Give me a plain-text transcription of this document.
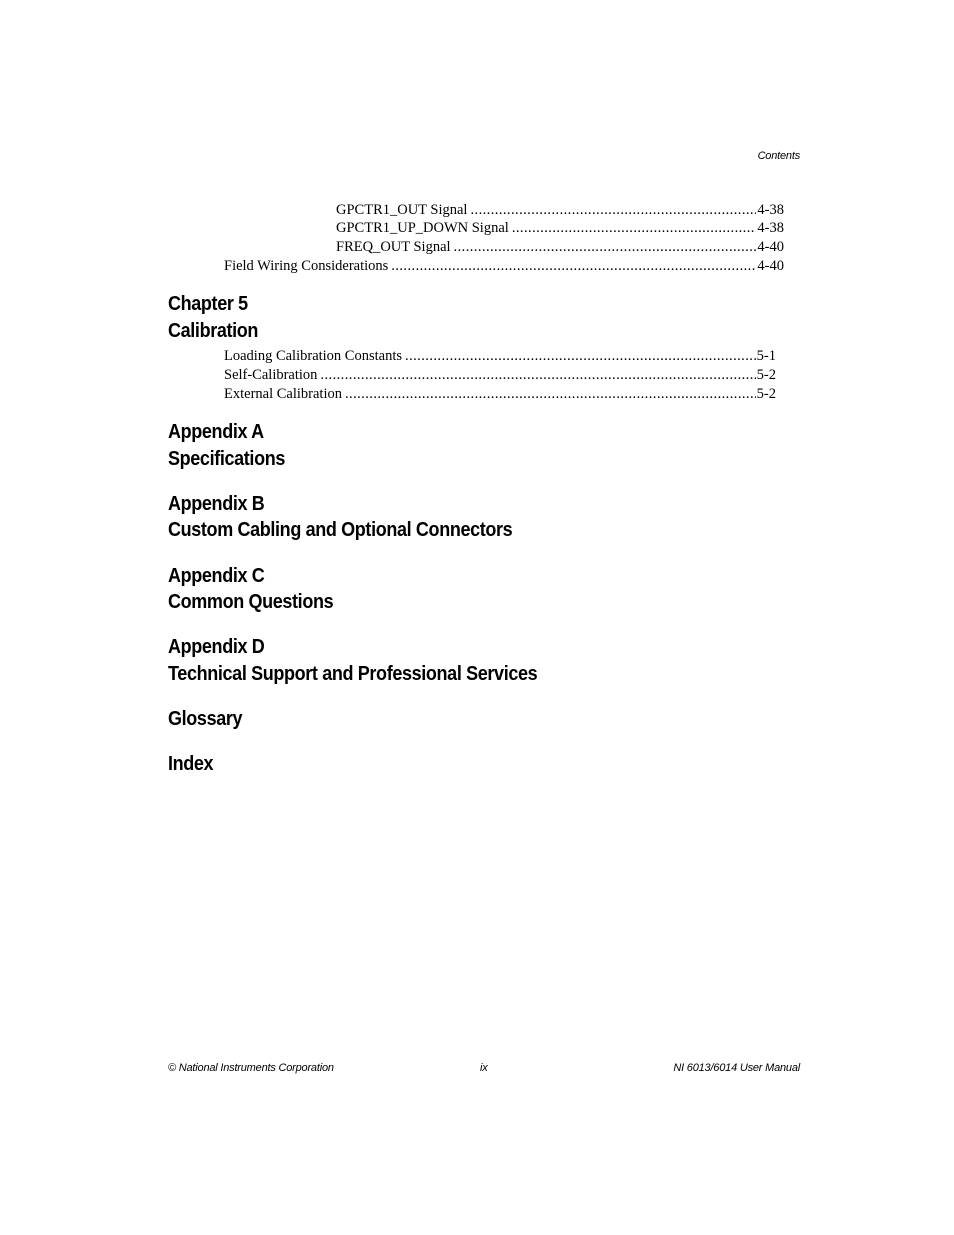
Contents
GPCTR1_OUT Signal . . .	4-38
GPCTR1_UP_DOWN Signal . . .	4-38
FREQ_OUT Signal . . .	4-40
Field Wiring Considerations . . .	4-40
Chapter 5
Calibration
Loading Calibration Constants . . .	5-1
Self-Calibration . . .	5-2
External Calibration . . .	5-2
Appendix A
Specifications
Appendix B
Custom Cabling and Optional Connectors
Appendix C
Common Questions
Appendix D
Technical Support and Professional Services
Glossary
Index
© National Instruments Corporation	ix	NI 6013/6014 User Manual
